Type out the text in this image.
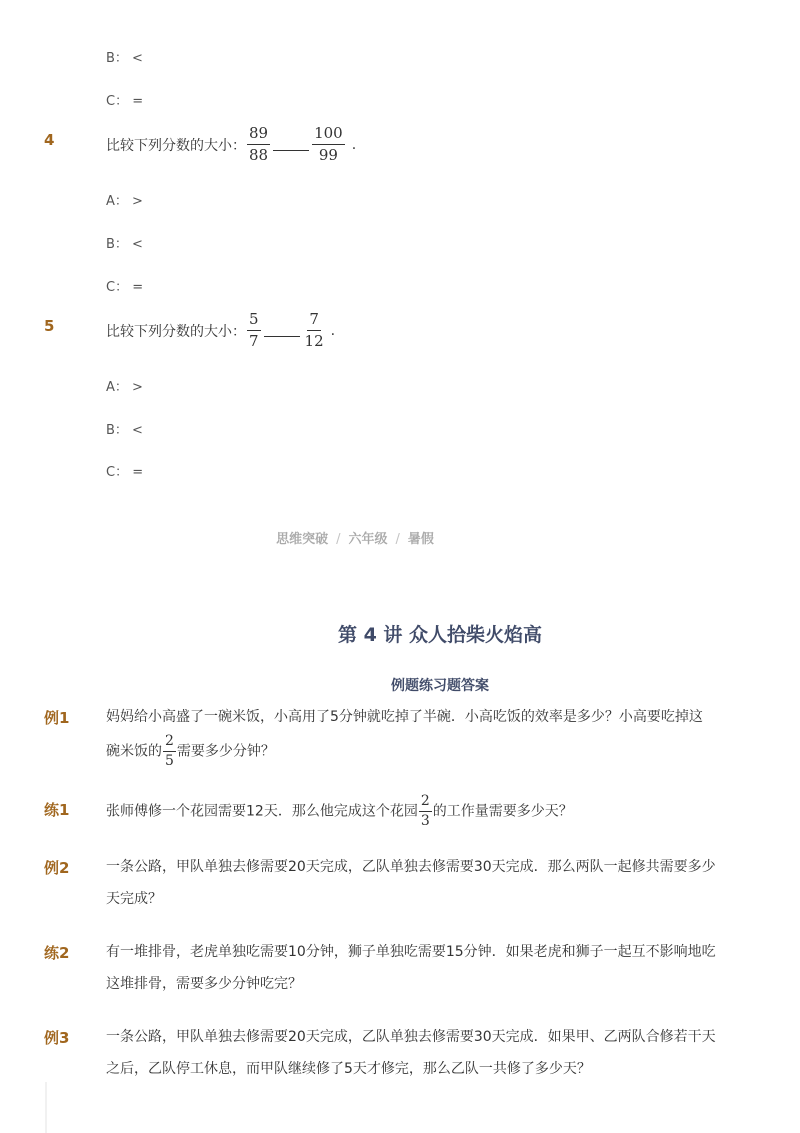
B： <
C： =
4	比较下列分数的大小： $\frac{89}{88}$	$\frac{100}{99}$ .
A： >
B： <
C： =
5	比较下列分数的大小： $\frac{5}{7}$	$\frac{7}{12}$ .
A： >
B： <
C： =
思维突破 / 六年级 / 暑假
第 4 讲 众人拾柴火焰高
例题练习题答案
例1	妈妈给小高盛了一碗米饭，小高用了5分钟就吃掉了半碗．小高吃饭的效率是多少？小高要吃掉这碗米饭的 $\frac{2}{5}$ 需要多少分钟？
练1	张师傅修一个花园需要12天．那么他完成这个花园 $\frac{2}{3}$ 的工作量需要多少天？
例2	一条公路，甲队单独去修需要20天完成，乙队单独去修需要30天完成．那么两队一起修共需要多少天完成？
练2	有一堆排骨，老虎单独吃需要10分钟，狮子单独吃需要15分钟．如果老虎和狮子一起互不影响地吃这堆排骨，需要多少分钟吃完？
例3	一条公路，甲队单独去修需要20天完成，乙队单独去修需要30天完成．如果甲、乙两队合修若干天之后，乙队停工休息，而甲队继续修了5天才修完，那么乙队一共修了多少天？
